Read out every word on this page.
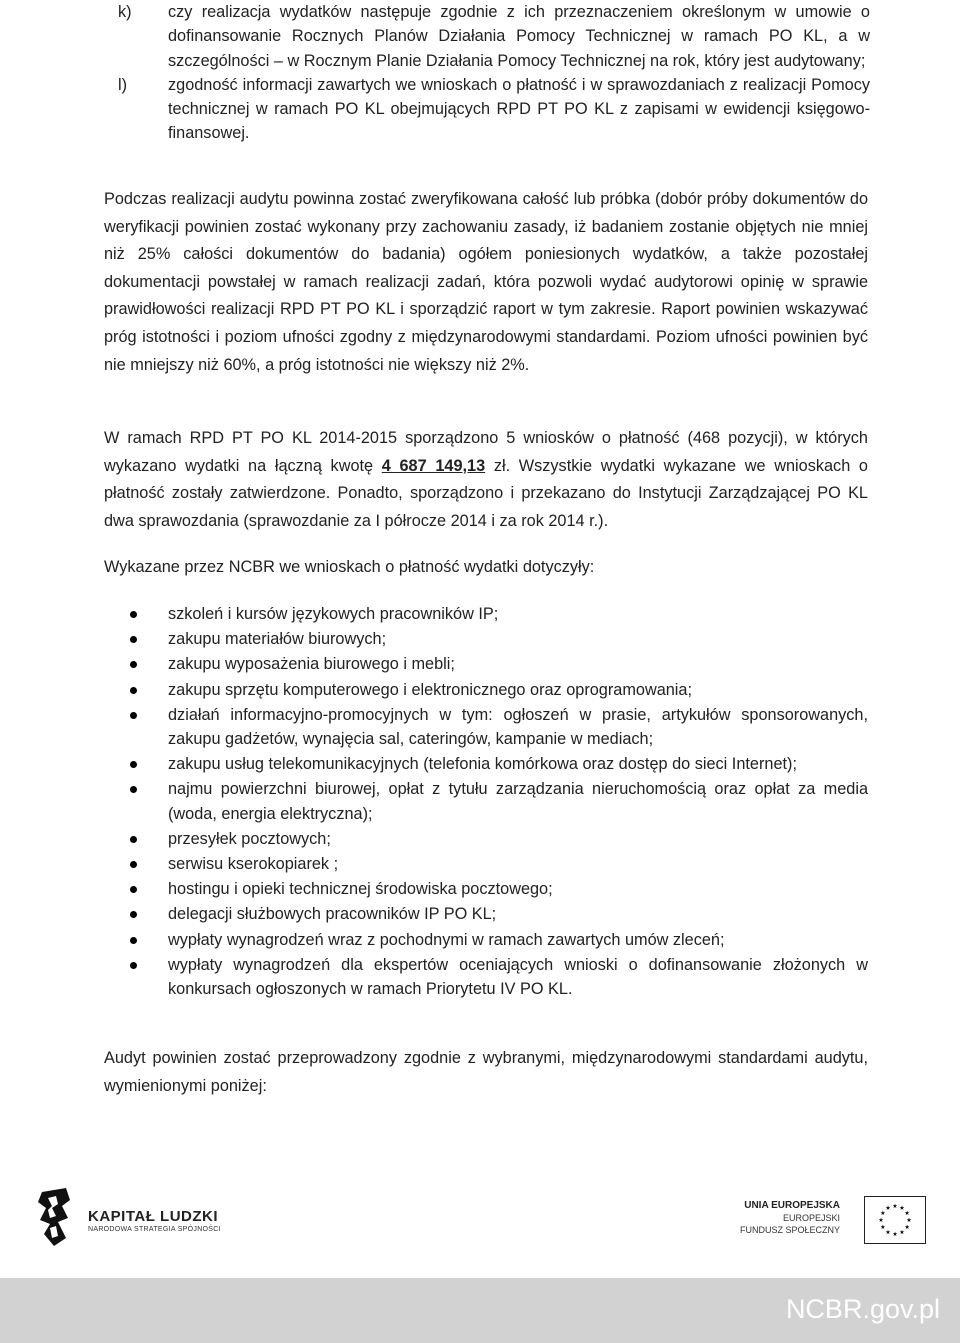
k) czy realizacja wydatków następuje zgodnie z ich przeznaczeniem określonym w umowie o dofinansowanie Rocznych Planów Działania Pomocy Technicznej w ramach PO KL, a w szczególności – w Rocznym Planie Działania Pomocy Technicznej na rok, który jest audytowany;
l)	zgodność informacji zawartych we wnioskach o płatność i w sprawozdaniach z realizacji Pomocy technicznej w ramach PO KL obejmujących RPD PT PO KL z zapisami w ewidencji księgowo-finansowej.
Podczas realizacji audytu powinna zostać zweryfikowana całość lub próbka (dobór próby dokumentów do weryfikacji powinien zostać wykonany przy zachowaniu zasady, iż badaniem zostanie objętych nie mniej niż 25% całości dokumentów do badania) ogółem poniesionych wydatków, a także pozostałej dokumentacji powstałej w ramach realizacji zadań, która pozwoli wydać audytorowi opinię w sprawie prawidłowości realizacji RPD PT PO KL i sporządzić raport w tym zakresie. Raport powinien wskazywać próg istotności i poziom ufności zgodny z międzynarodowymi standardami. Poziom ufności powinien być nie mniejszy niż 60%, a próg istotności nie większy niż 2%.
W ramach RPD PT PO KL 2014-2015 sporządzono 5 wniosków o płatność (468 pozycji), w których wykazano wydatki na łączną kwotę 4 687 149,13 zł. Wszystkie wydatki wykazane we wnioskach o płatność zostały zatwierdzone. Ponadto, sporządzono i przekazano do Instytucji Zarządzającej PO KL dwa sprawozdania (sprawozdanie za I półrocze 2014 i za rok 2014 r.).
Wykazane przez NCBR we wnioskach o płatność wydatki dotyczyły:
szkoleń i kursów językowych pracowników IP;
zakupu materiałów biurowych;
zakupu wyposażenia biurowego i mebli;
zakupu sprzętu komputerowego i elektronicznego oraz oprogramowania;
działań informacyjno-promocyjnych w tym: ogłoszeń w prasie, artykułów sponsorowanych, zakupu gadżetów, wynajęcia sal, cateringów, kampanie w mediach;
zakupu usług telekomunikacyjnych (telefonia komórkowa oraz dostęp do sieci Internet);
najmu powierzchni biurowej, opłat z tytułu zarządzania nieruchomością oraz opłat za media (woda, energia elektryczna);
przesyłek pocztowych;
serwisu kserokopiarek ;
hostingu i opieki technicznej środowiska pocztowego;
delegacji służbowych pracowników IP PO KL;
wypłaty wynagrodzeń wraz z pochodnymi w ramach zawartych umów zleceń;
wypłaty wynagrodzeń dla ekspertów oceniających wnioski o dofinansowanie złożonych w konkursach ogłoszonych w ramach Priorytetu IV PO KL.
Audyt powinien zostać przeprowadzony zgodnie z wybranymi, międzynarodowymi standardami audytu, wymienionymi poniżej:
KAPITAŁ LUDZKI
NARODOWA STRATEGIA SPÓJNOŚCI
UNIA EUROPEJSKA
EUROPEJSKI
FUNDUSZ SPOŁECZNY
NCBR.gov.pl
